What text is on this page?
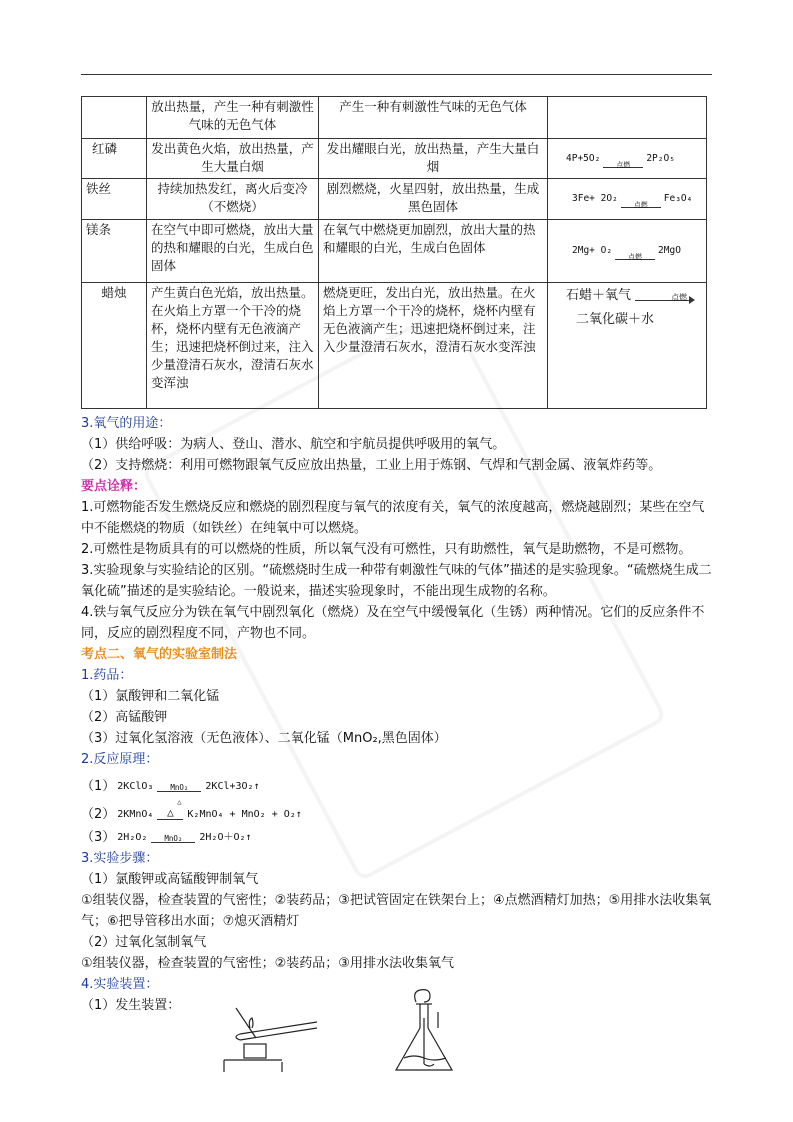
	放出热量，产生一种有刺激性气味的无色气体	产生一种有刺激性气味的无色气体	
红磷	发出黄色火焰，放出热量，产生大量白烟	发出耀眼白光，放出热量，产生大量白烟	4P+5O₂
点燃
2P₂O₅

铁丝	持续加热发红，离火后变冷（不燃烧）	剧烈燃烧，火星四射，放出热量，生成黑色固体	3Fe+ 2O₂
点燃
Fe₃O₄

镁条	在空气中即可燃烧，放出大量的热和耀眼的白光，生成白色固体	在氧气中燃烧更加剧烈，放出大量的热和耀眼的白光，生成白色固体	2Mg+ O₂
点燃
2MgO

蜡烛	产生黄白色光焰，放出热量。在火焰上方罩一个干冷的烧杯，烧杯内壁有无色液滴产生；迅速把烧杯倒过来，注入少量澄清石灰水，澄清石灰水变浑浊	燃烧更旺，发出白光，放出热量。在火焰上方罩一个干冷的烧杯，烧杯内壁有无色液滴产生；迅速把烧杯倒过来，注入少量澄清石灰水，澄清石灰水变浑浊	石蜡＋氧气 点燃
二氧化碳＋水

3.氧气的用途：

（1）供给呼吸：为病人、登山、潜水、航空和宇航员提供呼吸用的氧气。

（2）支持燃烧：利用可燃物跟氧气反应放出热量，工业上用于炼钢、气焊和气割金属、液氧炸药等。

要点诠释：

1.可燃物能否发生燃烧反应和燃烧的剧烈程度与氧气的浓度有关，氧气的浓度越高，燃烧越剧烈；某些在空气中不能燃烧的物质（如铁丝）在纯氧中可以燃烧。

2.可燃性是物质具有的可以燃烧的性质，所以氧气没有可燃性，只有助燃性，氧气是助燃物，不是可燃物。

3.实验现象与实验结论的区别。“硫燃烧时生成一种带有刺激性气味的气体”描述的是实验现象。“硫燃烧生成二氧化硫”描述的是实验结论。一般说来，描述实验现象时，不能出现生成物的名称。

4.铁与氧气反应分为铁在氧气中剧烈氧化（燃烧）及在空气中缓慢氧化（生锈）两种情况。它们的反应条件不同，反应的剧烈程度不同，产物也不同。

考点二、氧气的实验室制法

1.药品：

（1）氯酸钾和二氧化锰

（2）高锰酸钾

（3）过氧化氢溶液（无色液体）、二氧化锰（MnO₂,黑色固体）

2.反应原理：

（1） 2KClO₃	MnO₂
△
2KCl+3O₂↑
（2） 2KMnO₄	△	K₂MnO₄ + MnO₂ + O₂↑
（3） 2H₂O₂	MnO₂	2H₂O＋O₂↑

3.实验步骤：

（1）氯酸钾或高锰酸钾制氧气

①组装仪器，检查装置的气密性；②装药品；③把试管固定在铁架台上；④点燃酒精灯加热；⑤用排水法收集氧气；⑥把导管移出水面；⑦熄灭酒精灯

（2）过氧化氢制氧气

①组装仪器，检查装置的气密性；②装药品；③用排水法收集氧气

4.实验装置：

（1）发生装置：
